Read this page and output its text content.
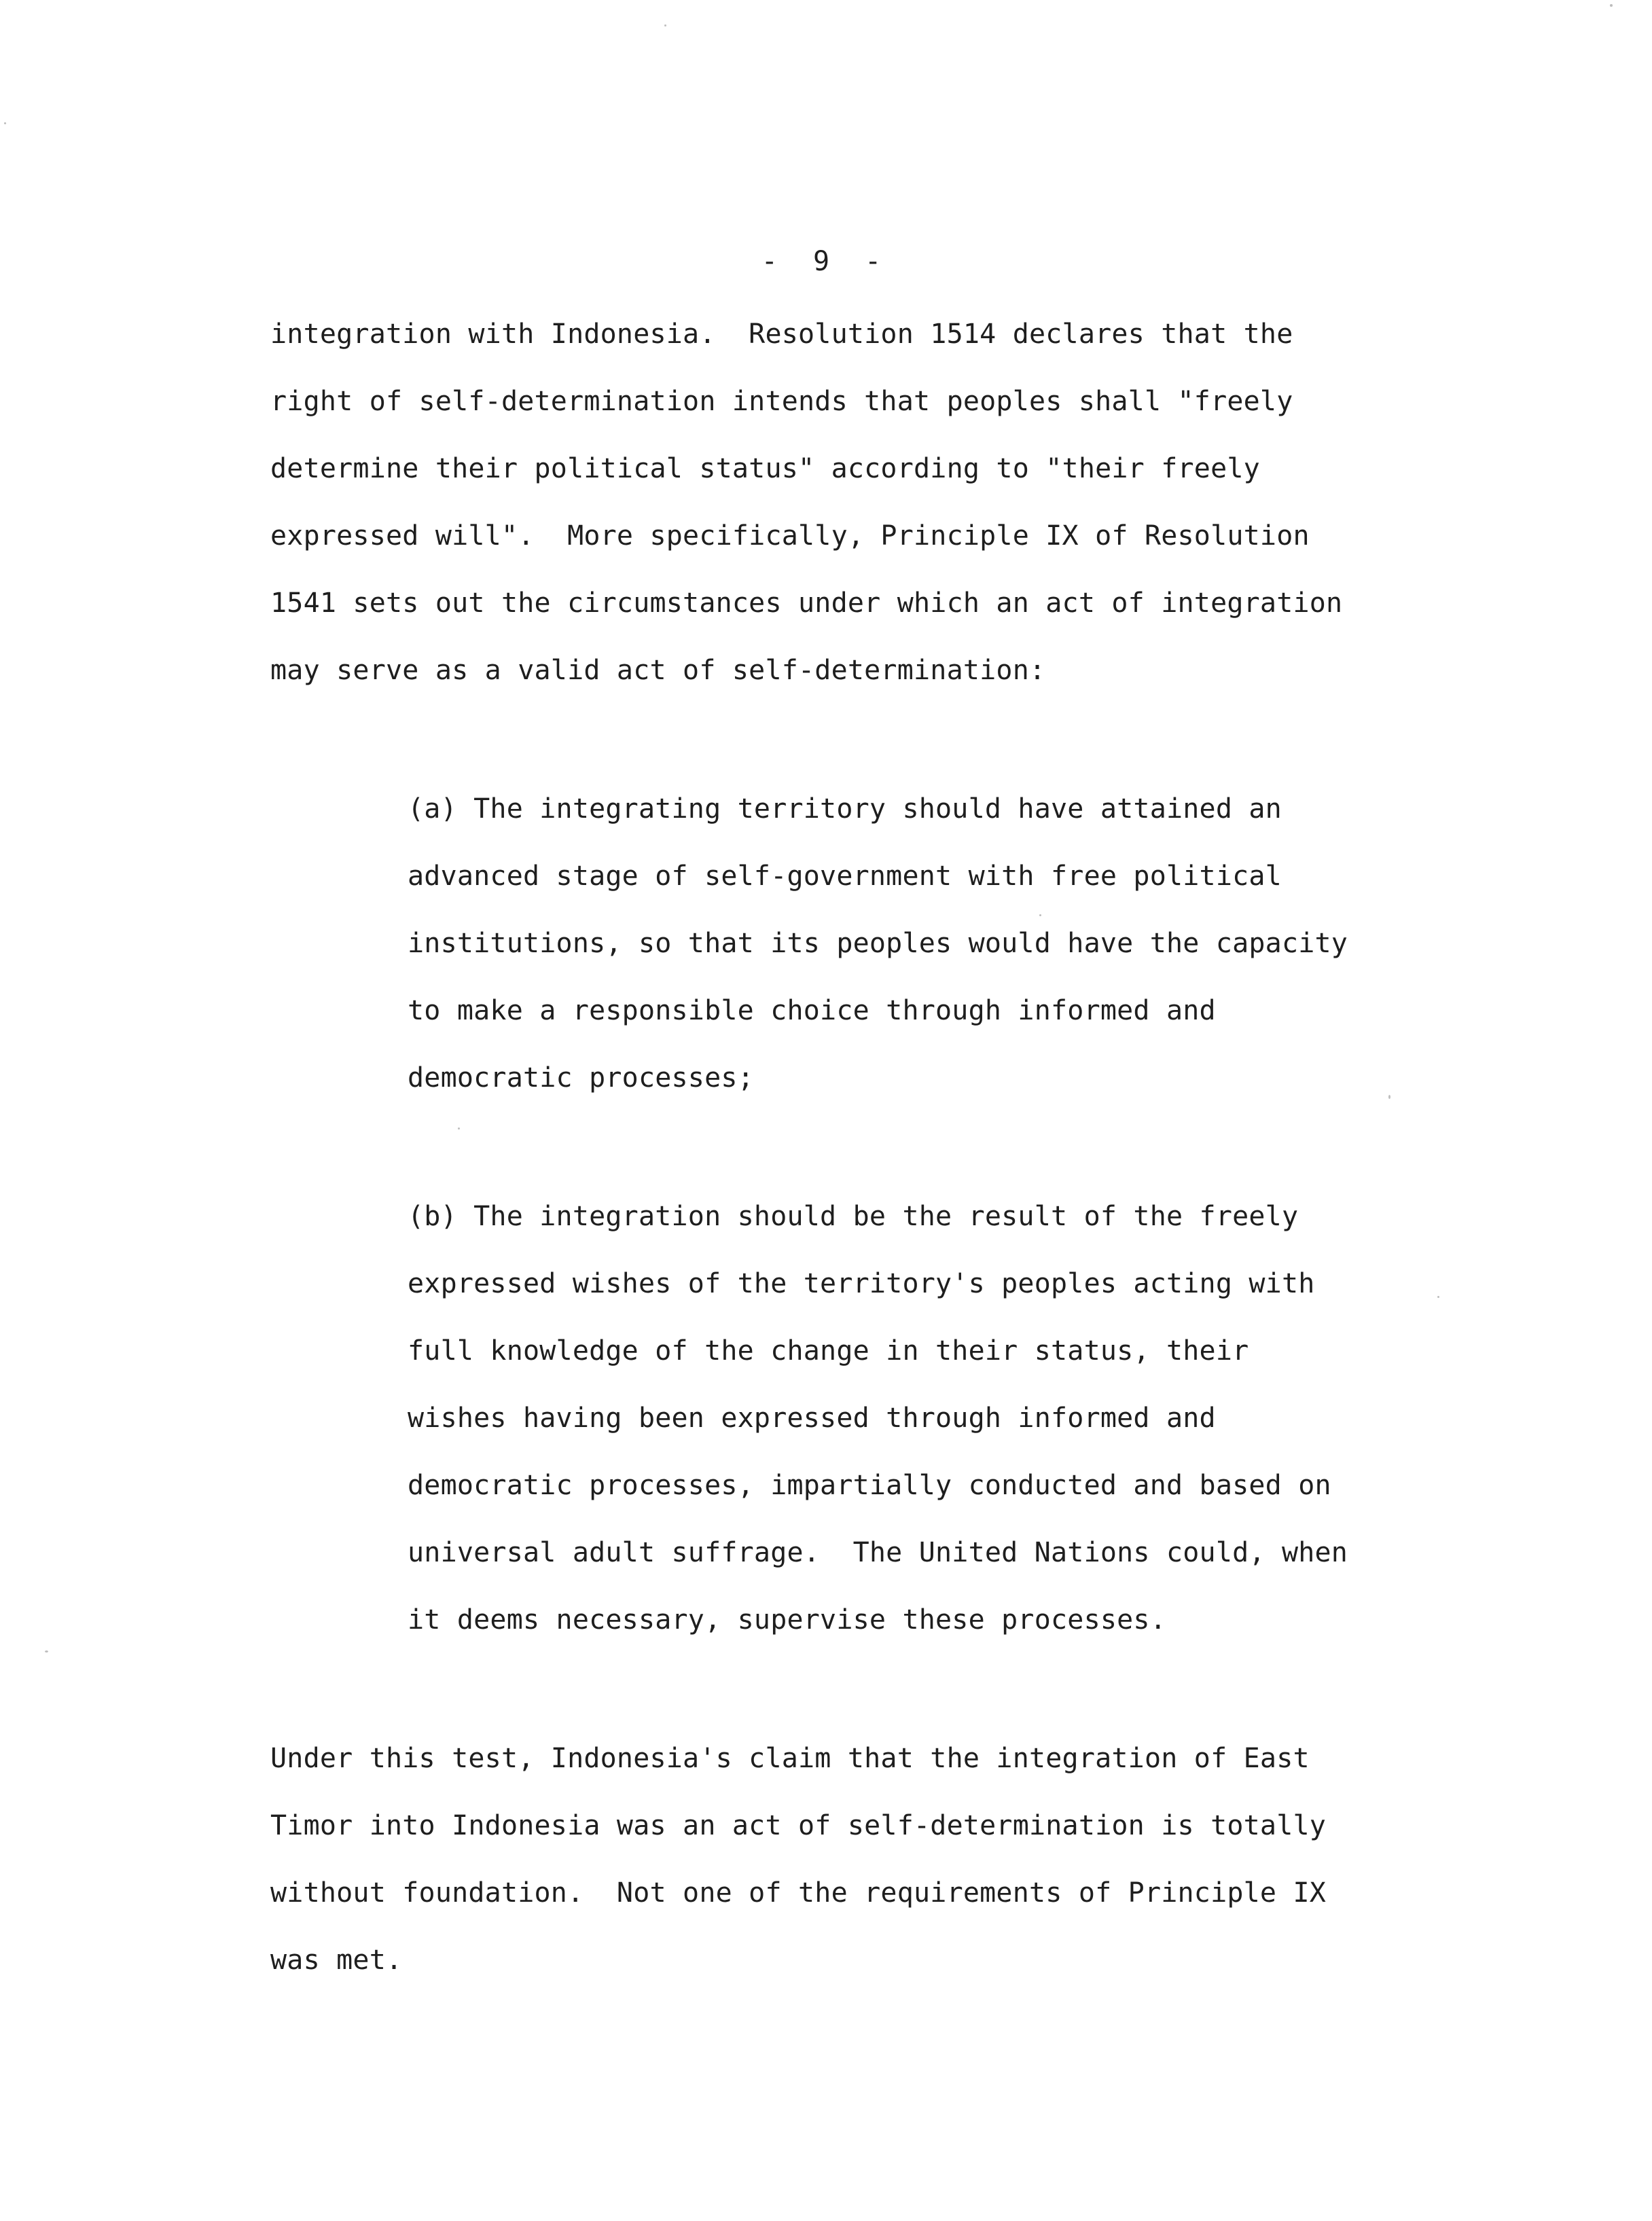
- 9 -
integration with Indonesia.  Resolution 1514 declares that the
right of self-determination intends that peoples shall "freely
determine their political status" according to "their freely
expressed will".  More specifically, Principle IX of Resolution
1541 sets out the circumstances under which an act of integration
may serve as a valid act of self-determination:
(a) The integrating territory should have attained an
advanced stage of self-government with free political
institutions, so that its peoples would have the capacity
to make a responsible choice through informed and
democratic processes;
(b) The integration should be the result of the freely
expressed wishes of the territory's peoples acting with
full knowledge of the change in their status, their
wishes having been expressed through informed and
democratic processes, impartially conducted and based on
universal adult suffrage.  The United Nations could, when
it deems necessary, supervise these processes.
Under this test, Indonesia's claim that the integration of East
Timor into Indonesia was an act of self-determination is totally
without foundation.  Not one of the requirements of Principle IX
was met.
